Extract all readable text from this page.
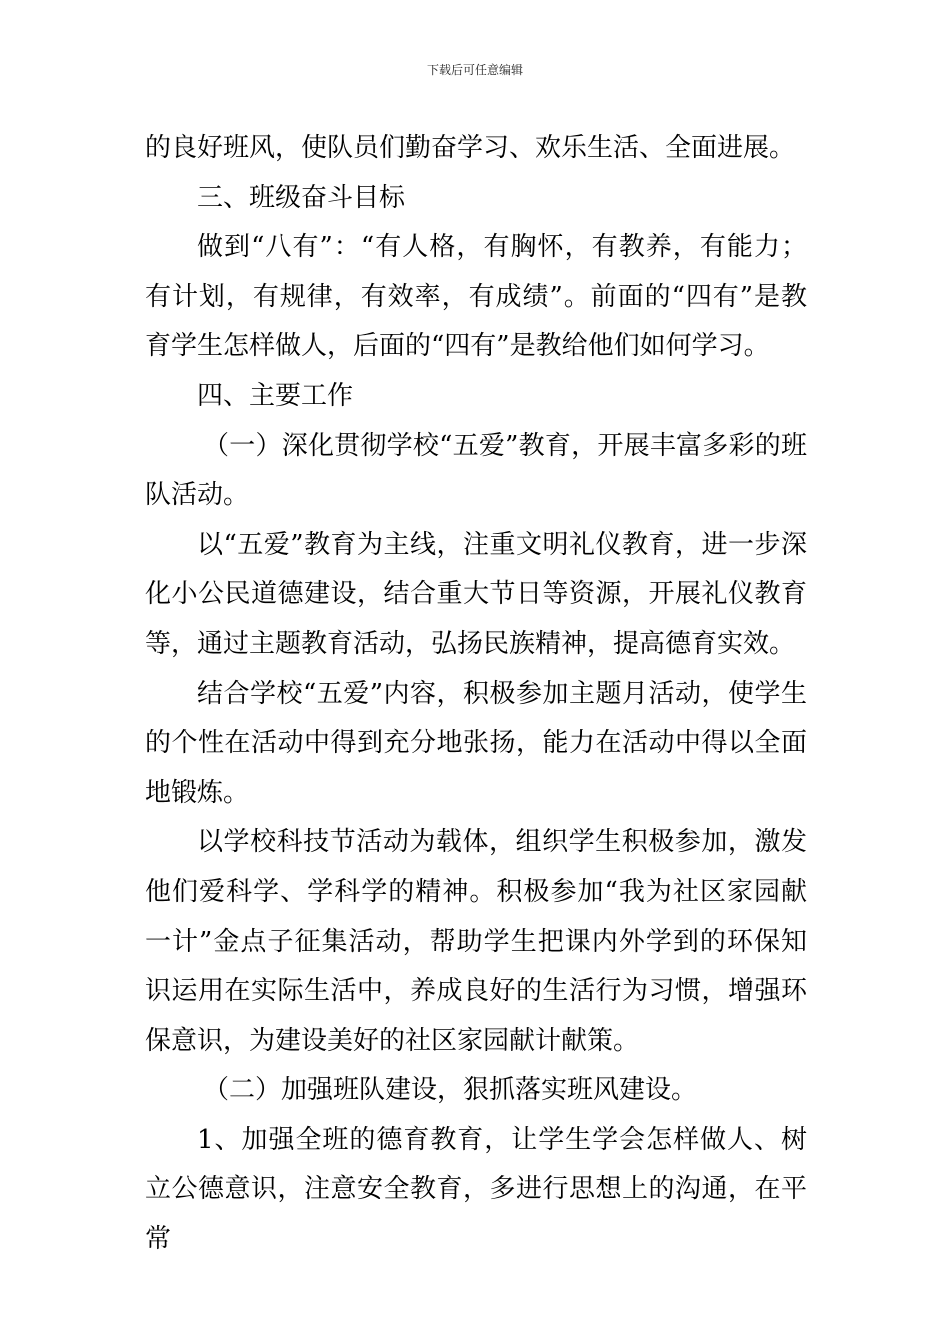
下载后可任意编辑

的良好班风，使队员们勤奋学习、欢乐生活、全面进展。

三、班级奋斗目标

做到“八有”：“有人格，有胸怀，有教养，有能力；有计划，有规律，有效率，有成绩”。前面的“四有”是教育学生怎样做人，后面的“四有”是教给他们如何学习。

四、主要工作

（一）深化贯彻学校“五爱”教育，开展丰富多彩的班队活动。

以“五爱”教育为主线，注重文明礼仪教育，进一步深化小公民道德建设，结合重大节日等资源，开展礼仪教育等，通过主题教育活动，弘扬民族精神，提高德育实效。

结合学校“五爱”内容，积极参加主题月活动，使学生的个性在活动中得到充分地张扬，能力在活动中得以全面地锻炼。

以学校科技节活动为载体，组织学生积极参加，激发他们爱科学、学科学的精神。积极参加“我为社区家园献一计”金点子征集活动，帮助学生把课内外学到的环保知识运用在实际生活中，养成良好的生活行为习惯，增强环保意识，为建设美好的社区家园献计献策。

（二）加强班队建设，狠抓落实班风建设。

1、加强全班的德育教育，让学生学会怎样做人、树立公德意识，注意安全教育，多进行思想上的沟通，在平常
